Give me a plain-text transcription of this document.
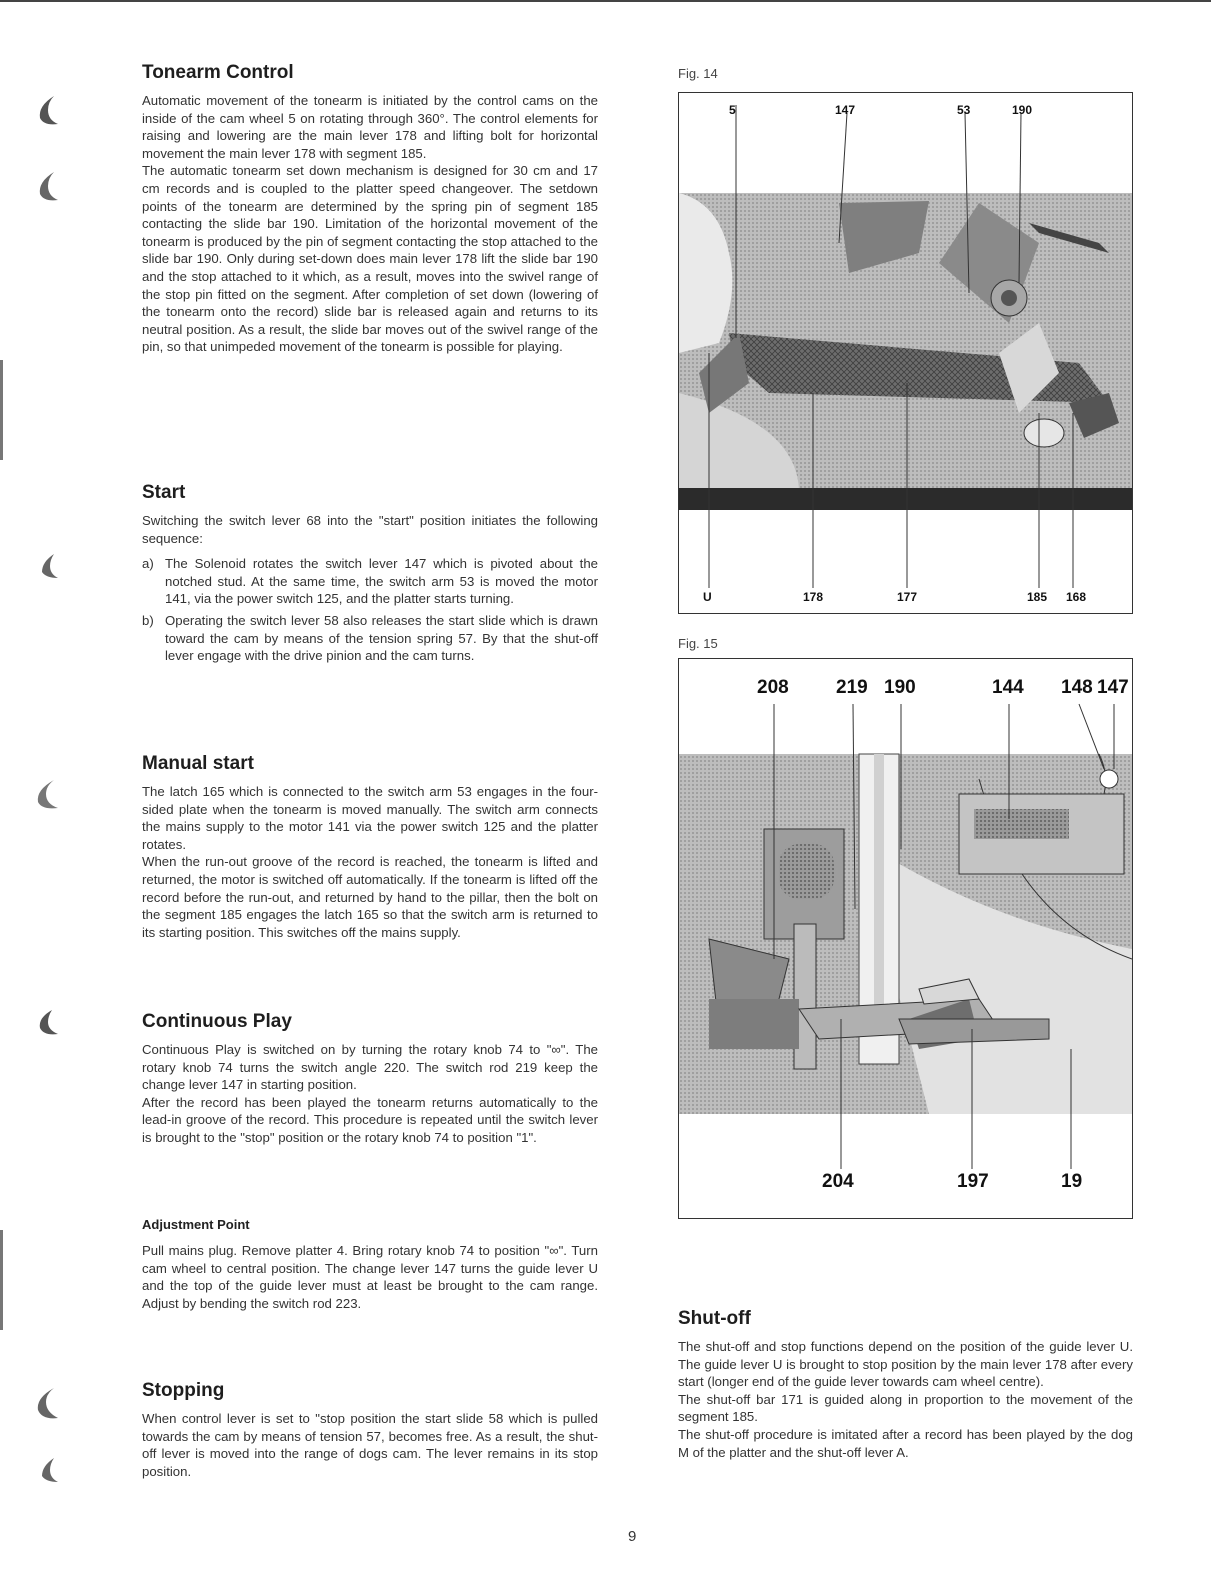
Tonearm Control

Automatic movement of the tonearm is initiated by the control cams on the inside of the cam wheel 5 on rotating through 360°. The control elements for raising and lowering are the main lever 178 and lifting bolt for horizontal movement the main lever 178 with segment 185.

The automatic tonearm set down mechanism is designed for 30 cm and 17 cm records and is coupled to the platter speed changeover. The setdown points of the tonearm are determined by the spring pin of segment 185 contacting the slide bar 190. Limitation of the horizontal movement of the tonearm is produced by the pin of segment contacting the stop attached to the slide bar 190. Only during set-down does main lever 178 lift the slide bar 190 and the stop attached to it which, as a result, moves into the swivel range of the stop pin fitted on the segment. After completion of set down (lowering of the tonearm onto the record) slide bar is released again and returns to its neutral position. As a result, the slide bar moves out of the swivel range of the pin, so that unimpeded movement of the tonearm is possible for playing.

Start

Switching the switch lever 68 into the "start" position initiates the following sequence:

a) The Solenoid rotates the switch lever 147 which is pivoted about the notched stud. At the same time, the switch arm 53 is moved the motor 141, via the power switch 125, and the platter starts turning.
b) Operating the switch lever 58 also releases the start slide which is drawn toward the cam by means of the tension spring 57. By that the shut-off lever engage with the drive pinion and the cam turns.
Manual start

The latch 165 which is connected to the switch arm 53 engages in the four-sided plate when the tonearm is moved manually. The switch arm connects the mains supply to the motor 141 via the power switch 125 and the platter rotates.

When the run-out groove of the record is reached, the tonearm is lifted and returned, the motor is switched off automatically. If the tonearm is lifted off the record before the run-out, and returned by hand to the pillar, then the bolt on the segment 185 engages the latch 165 so that the switch arm is returned to its starting position. This switches off the mains supply.

Continuous Play

Continuous Play is switched on by turning the rotary knob 74 to "∞". The rotary knob 74 turns the switch angle 220. The switch rod 219 keep the change lever 147 in starting position.

After the record has been played the tonearm returns automatically to the lead-in groove of the record. This procedure is repeated until the switch lever is brought to the "stop" position or the rotary knob 74 to position "1".

Adjustment Point

Pull mains plug. Remove platter 4. Bring rotary knob 74 to position "∞". Turn cam wheel to central position. The change lever 147 turns the guide lever U and the top of the guide lever must at least be brought to the cam range. Adjust by bending the switch rod 223.

Stopping

When control lever is set to "stop position the start slide 58 which is pulled towards the cam by means of tension 57, becomes free. As a result, the shut-off lever is moved into the range of dogs cam. The lever remains in its stop position.

Fig. 14
5	147	53	190
U	178	177	185 168
Fig. 15
208 219 190	144 148 147
204	197	19
Shut-off

The shut-off and stop functions depend on the position of the guide lever U. The guide lever U is brought to stop position by the main lever 178 after every start (longer end of the guide lever towards cam wheel centre).

The shut-off bar 171 is guided along in proportion to the movement of the segment 185.

The shut-off procedure is imitated after a record has been played by the dog M of the platter and the shut-off lever A.

9
